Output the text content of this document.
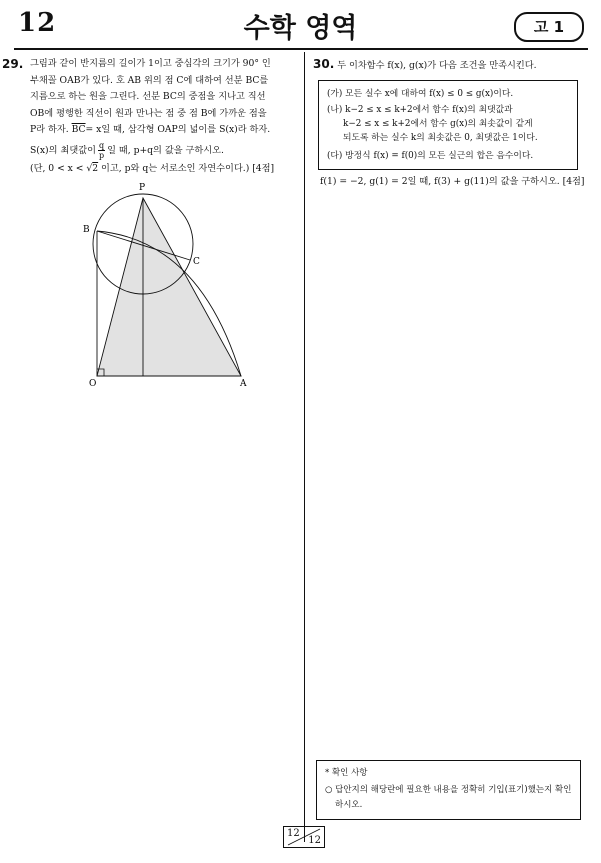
12	수학 영역	고 1
29. 그림과 같이 반지름의 길이가 1이고 중심각의 크기가 90° 인
부채꼴 OAB가 있다. 호 AB 위의 점 C에 대하여 선분 BC를
지름으로 하는 원을 그린다. 선분 BC의 중점을 지나고 직선
OB에 평행한 직선이 원과 만나는 점 중 점 B에 가까운 점을
P라 하자. $\overline{BC}= x$일 때, 삼각형 OAP의 넓이를 S(x)라 하자.
S(x)의 최댓값이 $\frac{q}{p}$ 일 때, p+q의 값을 구하시오.
(단, 0 < x < √2 이고, p와 q는 서로소인 자연수이다.) [4점]
P
B
C
O	A
30. 두 이차함수 f(x), g(x)가 다음 조건을 만족시킨다.
(가) 모든 실수 x에 대하여 f(x) ≤ 0 ≤ g(x)이다.
(나) k−2 ≤ x ≤ k+2에서 함수 f(x)의 최댓값과
k−2 ≤ x ≤ k+2에서 함수 g(x)의 최솟값이 같게
되도록 하는 실수 k의 최솟값은 0, 최댓값은 1이다.
(다) 방정식 f(x) = f(0)의 모든 실근의 합은 음수이다.
f(1) = −2, g(1) = 2일 때, f(3) + g(11)의 값을 구하시오. [4점]
* 확인 사항
○ 답안지의 해당란에 필요한 내용을 정확히 기입(표기)했는지 확인
하시오.
12
12
